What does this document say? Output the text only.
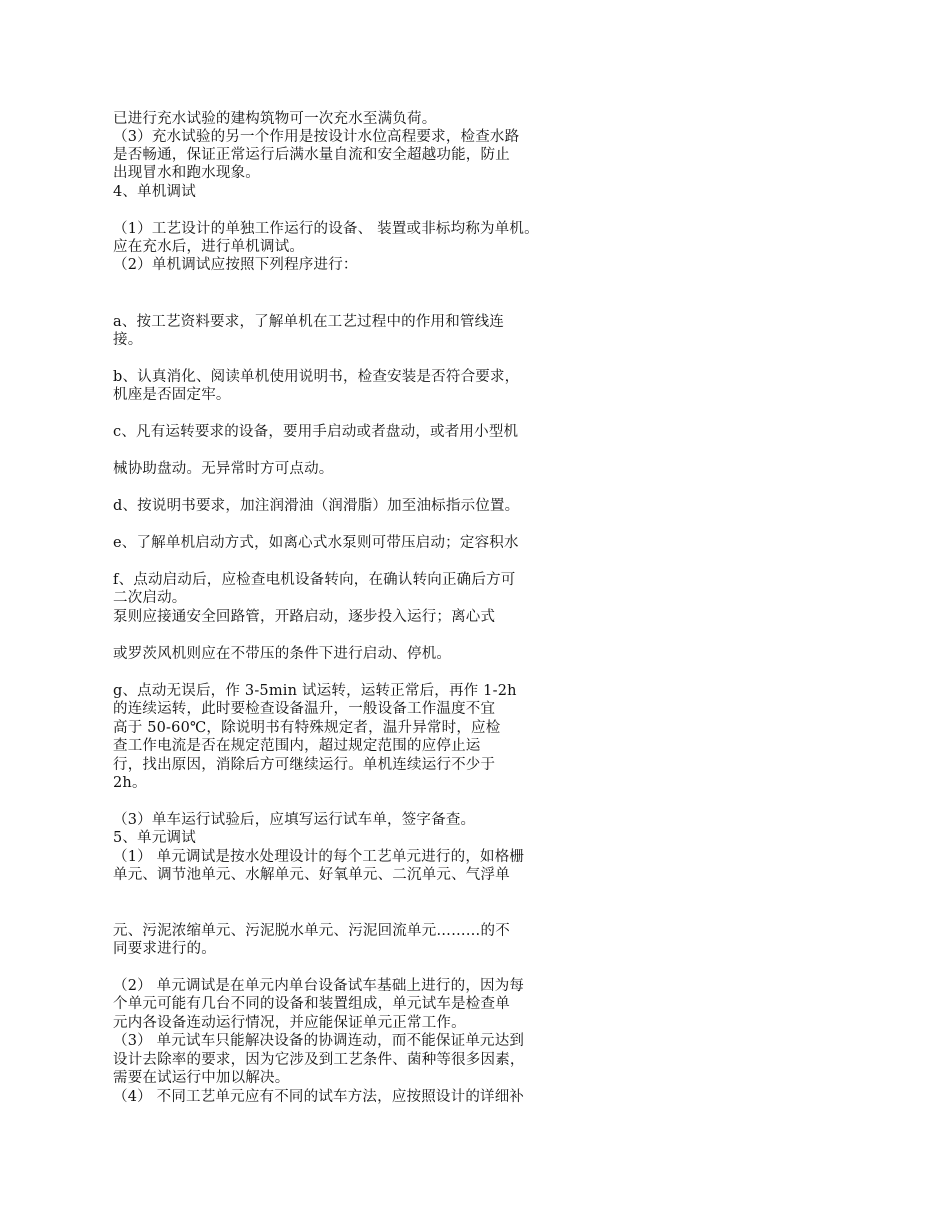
已进行充水试验的建构筑物可一次充水至满负荷。
（3）充水试验的另一个作用是按设计水位高程要求，检查水路
是否畅通，保证正常运行后满水量自流和安全超越功能，防止
出现冒水和跑水现象。
4、单机调试
（1）工艺设计的单独工作运行的设备、 装置或非标均称为单机。
应在充水后，进行单机调试。
（2）单机调试应按照下列程序进行：
a、按工艺资料要求，了解单机在工艺过程中的作用和管线连
接。
b、认真消化、阅读单机使用说明书，检查安装是否符合要求，
机座是否固定牢。
c、凡有运转要求的设备，要用手启动或者盘动，或者用小型机
械协助盘动。无异常时方可点动。
d、按说明书要求，加注润滑油（润滑脂）加至油标指示位置。
e、了解单机启动方式，如离心式水泵则可带压启动；定容积水
f、点动启动后，应检查电机设备转向，在确认转向正确后方可
二次启动。
泵则应接通安全回路管，开路启动，逐步投入运行；离心式
或罗茨风机则应在不带压的条件下进行启动、停机。
g、点动无误后，作 3-5min 试运转，运转正常后，再作 1-2h
的连续运转，此时要检查设备温升，一般设备工作温度不宜
高于 50-60℃，除说明书有特殊规定者，温升异常时，应检
查工作电流是否在规定范围内，超过规定范围的应停止运
行，找出原因，消除后方可继续运行。单机连续运行不少于
2h。
（3）单车运行试验后，应填写运行试车单，签字备查。
5、单元调试
（1） 单元调试是按水处理设计的每个工艺单元进行的，如格栅
单元、调节池单元、水解单元、好氧单元、二沉单元、气浮单
元、污泥浓缩单元、污泥脱水单元、污泥回流单元………的不
同要求进行的。
（2） 单元调试是在单元内单台设备试车基础上进行的，因为每
个单元可能有几台不同的设备和装置组成，单元试车是检查单
元内各设备连动运行情况，并应能保证单元正常工作。
（3） 单元试车只能解决设备的协调连动，而不能保证单元达到
设计去除率的要求，因为它涉及到工艺条件、菌种等很多因素，
需要在试运行中加以解决。
（4） 不同工艺单元应有不同的试车方法，应按照设计的详细补
